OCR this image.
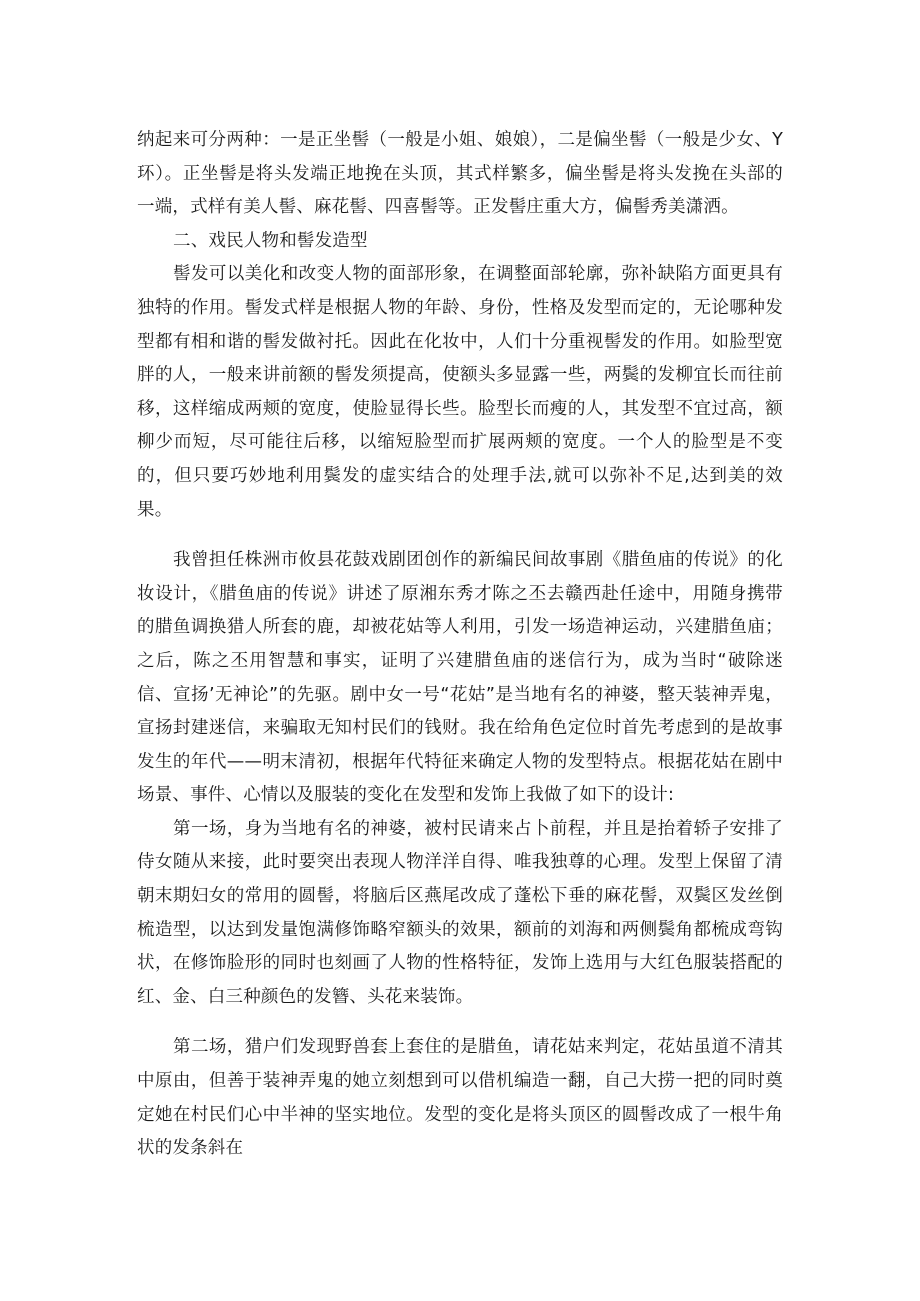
纳起来可分两种：一是正坐髻（一般是小姐、娘娘），二是偏坐髻（一般是少女、Y环）。正坐髻是将头发端正地挽在头顶，其式样繁多，偏坐髻是将头发挽在头部的一端，式样有美人髻、麻花髻、四喜髻等。正发髻庄重大方，偏髻秀美潇洒。

二、戏民人物和髻发造型

髻发可以美化和改变人物的面部形象，在调整面部轮廓，弥补缺陷方面更具有独特的作用。髻发式样是根据人物的年龄、身份，性格及发型而定的，无论哪种发型都有相和谐的髻发做衬托。因此在化妆中，人们十分重视髻发的作用。如脸型宽胖的人，一般来讲前额的髻发须提高，使额头多显露一些，两鬓的发柳宜长而往前移，这样缩成两颊的宽度，使脸显得长些。脸型长而瘦的人，其发型不宜过高，额柳少而短，尽可能往后移，以缩短脸型而扩展两颊的宽度。一个人的脸型是不变的，但只要巧妙地利用鬓发的虚实结合的处理手法,就可以弥补不足,达到美的效果。

我曾担任株洲市攸县花鼓戏剧团创作的新编民间故事剧《腊鱼庙的传说》的化妆设计，《腊鱼庙的传说》讲述了原湘东秀才陈之丕去赣西赴任途中，用随身携带的腊鱼调换猎人所套的鹿，却被花姑等人利用，引发一场造神运动，兴建腊鱼庙；之后，陈之丕用智慧和事实，证明了兴建腊鱼庙的迷信行为，成为当时“破除迷信、宣扬’无神论”的先驱。剧中女一号“花姑”是当地有名的神婆，整天装神弄鬼，宣扬封建迷信，来骗取无知村民们的钱财。我在给角色定位时首先考虑到的是故事发生的年代——明末清初，根据年代特征来确定人物的发型特点。根据花姑在剧中场景、事件、心情以及服装的变化在发型和发饰上我做了如下的设计:

第一场，身为当地有名的神婆，被村民请来占卜前程，并且是抬着轿子安排了侍女随从来接，此时要突出表现人物洋洋自得、唯我独尊的心理。发型上保留了清朝末期妇女的常用的圆髻，将脑后区燕尾改成了蓬松下垂的麻花髻，双鬓区发丝倒梳造型，以达到发量饱满修饰略窄额头的效果，额前的刘海和两侧鬓角都梳成弯钩状，在修饰脸形的同时也刻画了人物的性格特征，发饰上选用与大红色服装搭配的红、金、白三种颜色的发簪、头花来装饰。

第二场，猎户们发现野兽套上套住的是腊鱼，请花姑来判定，花姑虽道不清其中原由，但善于装神弄鬼的她立刻想到可以借机编造一翻，自己大捞一把的同时奠定她在村民们心中半神的坚实地位。发型的变化是将头顶区的圆髻改成了一根牛角状的发条斜在
